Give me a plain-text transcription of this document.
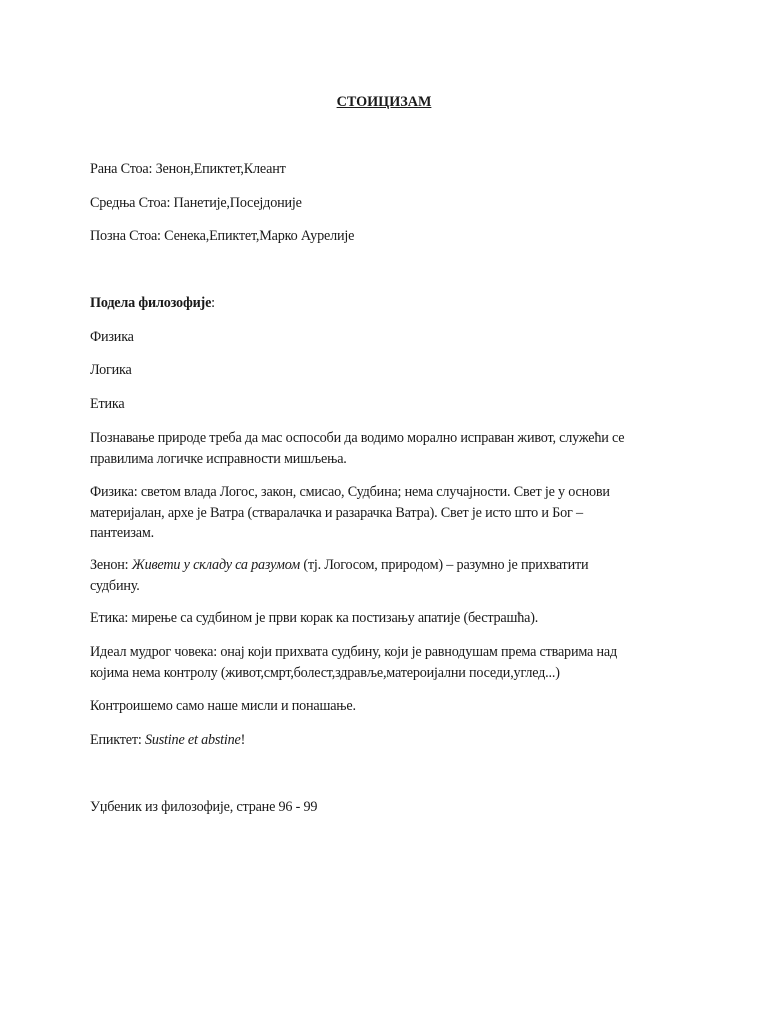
СТОИЦИЗАМ
Рана Стоа: Зенон,Епиктет,Клеант
Средња Стоа: Панетије,Посејдоније
Позна Стоа: Сенека,Епиктет,Марко Аурелије
Подела филозофије:
Физика
Логика
Етика
Познавање природе треба да мас оспособи да водимо морално исправан живот, служећи се
правилима логичке исправности мишљења.
Физика: светом влада Логос, закон, смисао, Судбина; нема случајности. Свет је у основи
материјалан, архе је Ватра (стваралачка и разарачка Ватра). Свет је исто што и Бог –
пантеизам.
Зенон: Живети у складу са разумом (тј. Логосом, природом) – разумно је прихватити
судбину.
Етика: мирење са судбином је први корак ка постизању апатије (бестрашћа).
Идеал мудрог човека: онај који прихвата судбину, који је равнодушам према стварима над
којима нема контролу (живот,смрт,болест,здравље,матероијални поседи,углед...)
Контроишемо само наше мисли и понашање.
Епиктет: Sustine et abstine!
Уџбеник из филозофије, стране 96 - 99
